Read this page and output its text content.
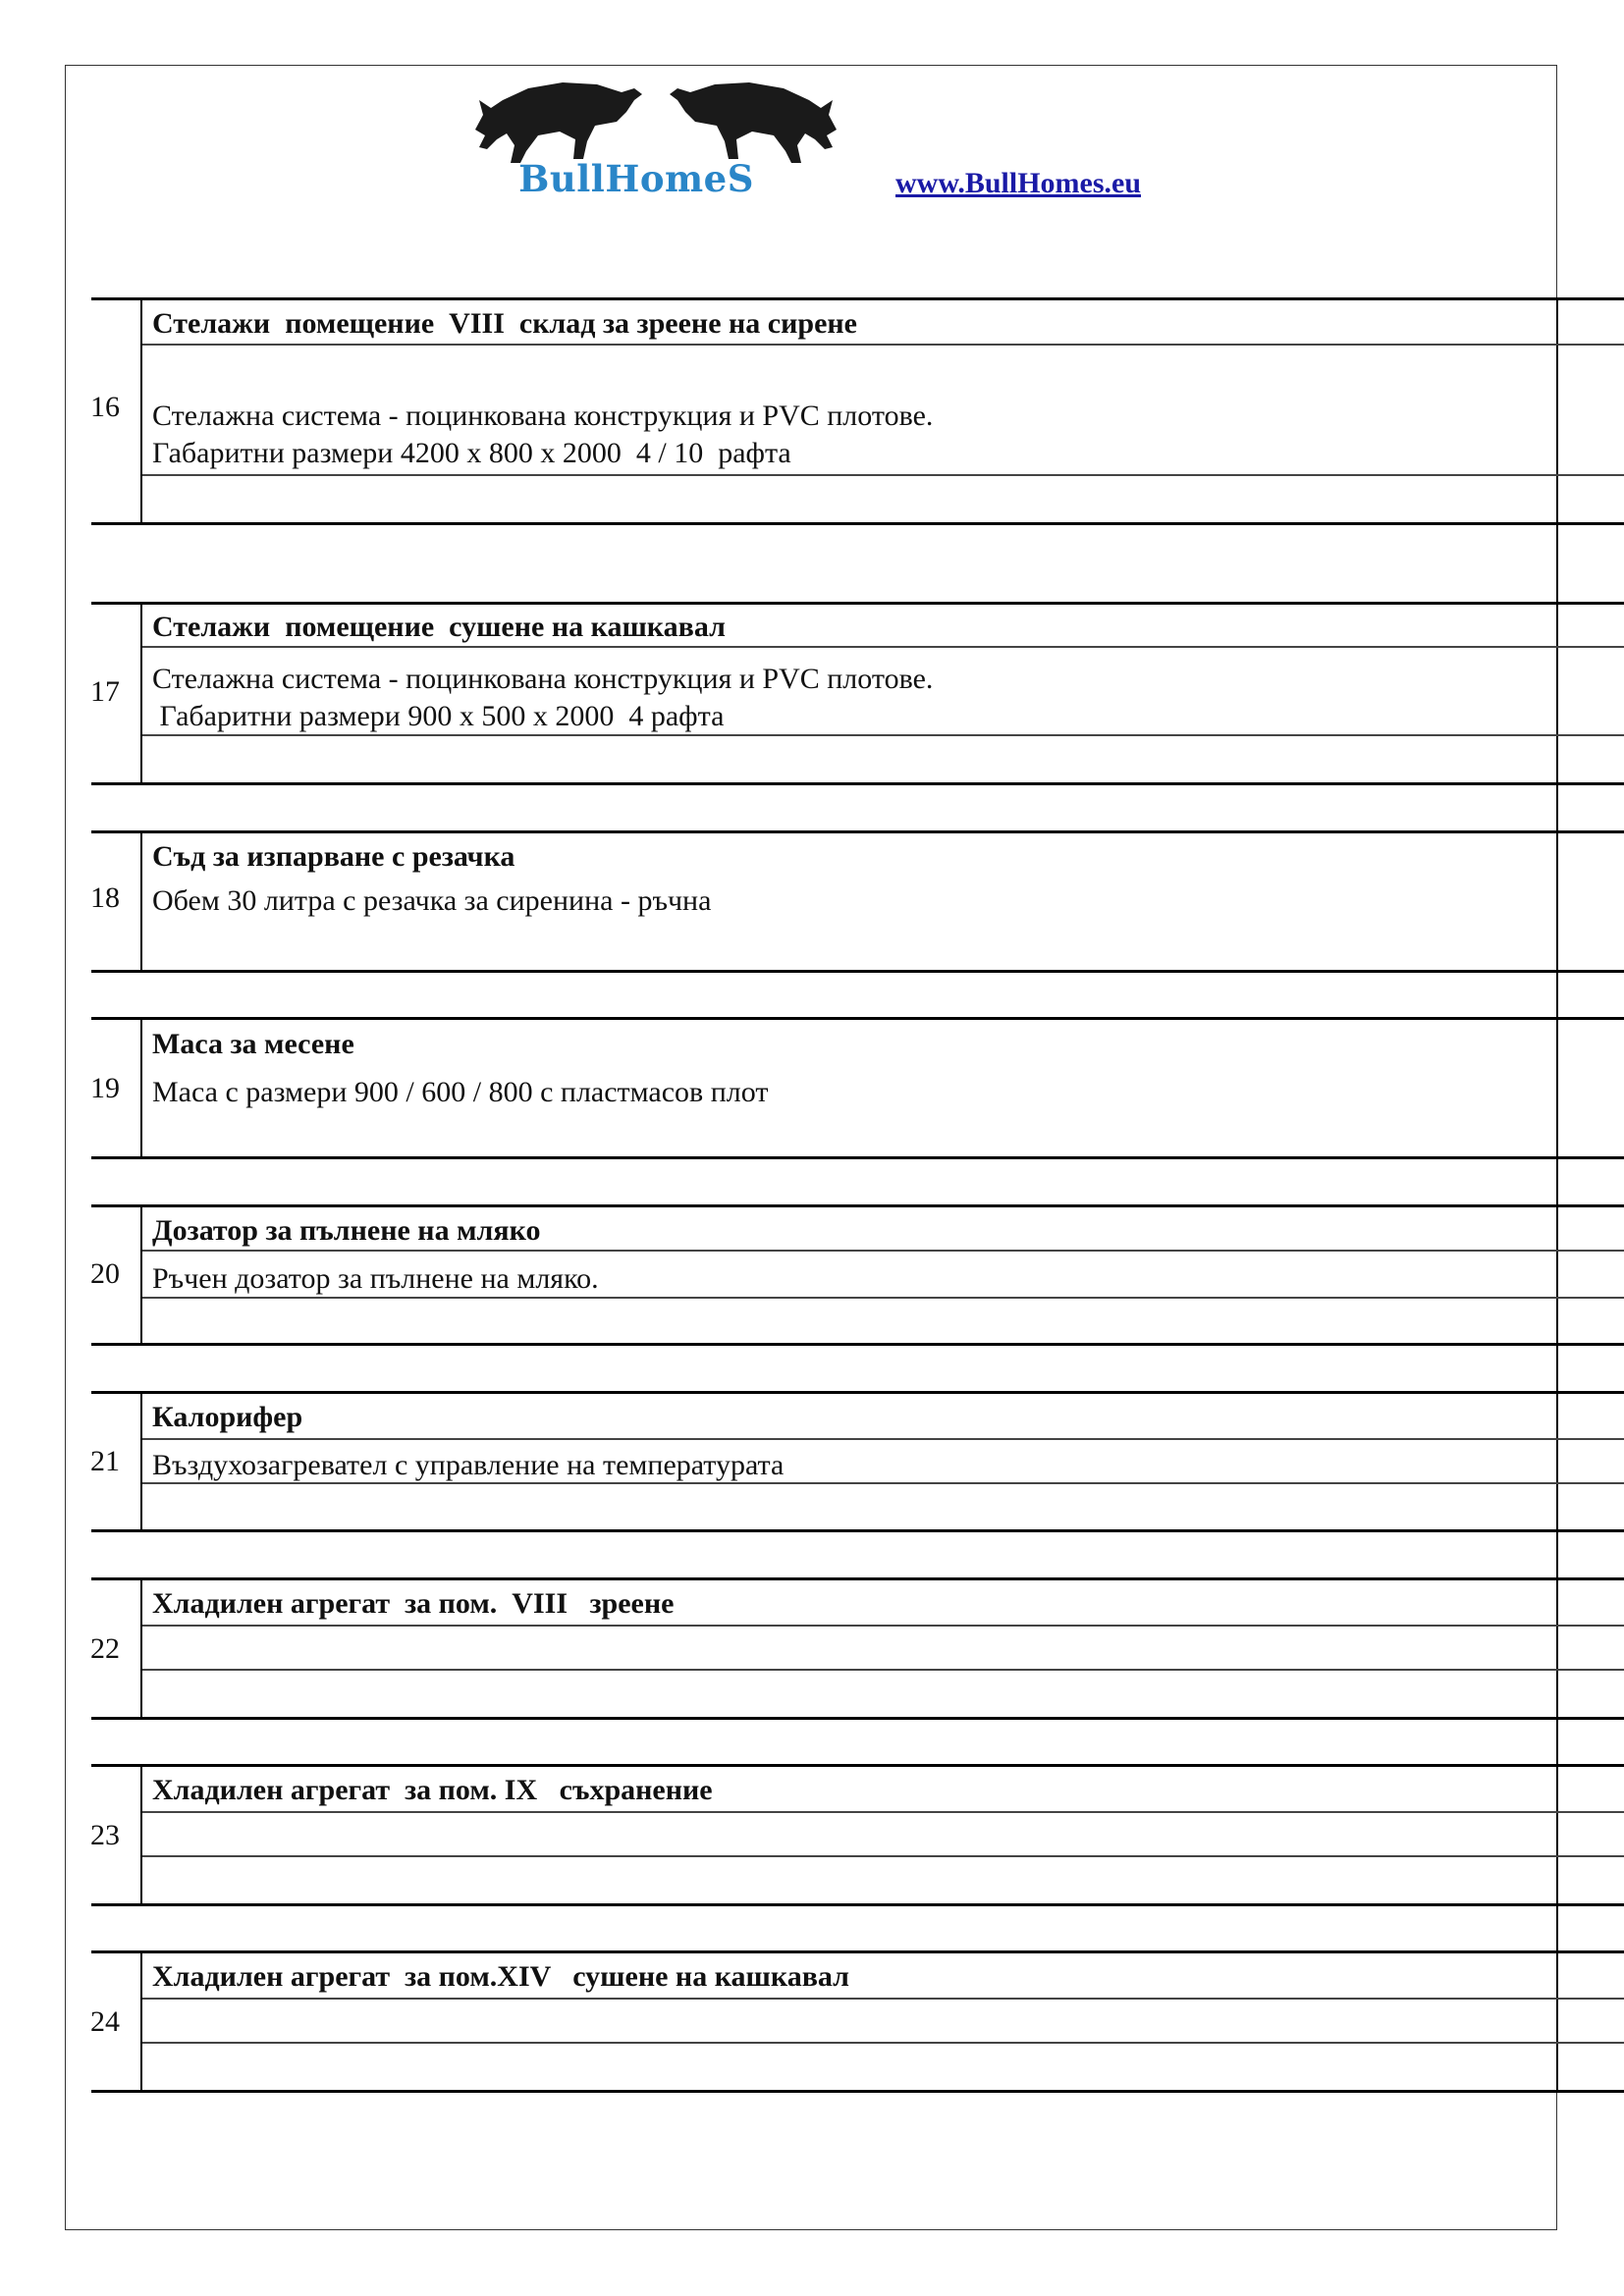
BullHomeS	www.BullHomes.eu
16
Стелажи  помещение  VIII  склад за зреене на сирене
Стелажна система - поцинкована конструкция и PVC плотове.
Габаритни размери 4200 х 800 х 2000  4 / 10  рафта
17
Стелажи  помещение  сушене на кашкавал
Стелажна система - поцинкована конструкция и PVC плотове.
Габаритни размери 900 х 500 х 2000  4 рафта
18
Съд за изпарване с резачка
Обем 30 литра с резачка за сиренина - ръчна
19
Маса за месене
Маса с размери 900 / 600 / 800 с пластмасов плот
20
Дозатор за пълнене на мляко
Ръчен дозатор за пълнене на мляко.
21
Калорифер
Въздухозагревател с управление на температурата
22
Хладилен агрегат  за пом.  VIII   зреене
23
Хладилен агрегат  за пом. IX   съхранение
24
Хладилен агрегат  за пом.XIV   сушене на кашкавал
